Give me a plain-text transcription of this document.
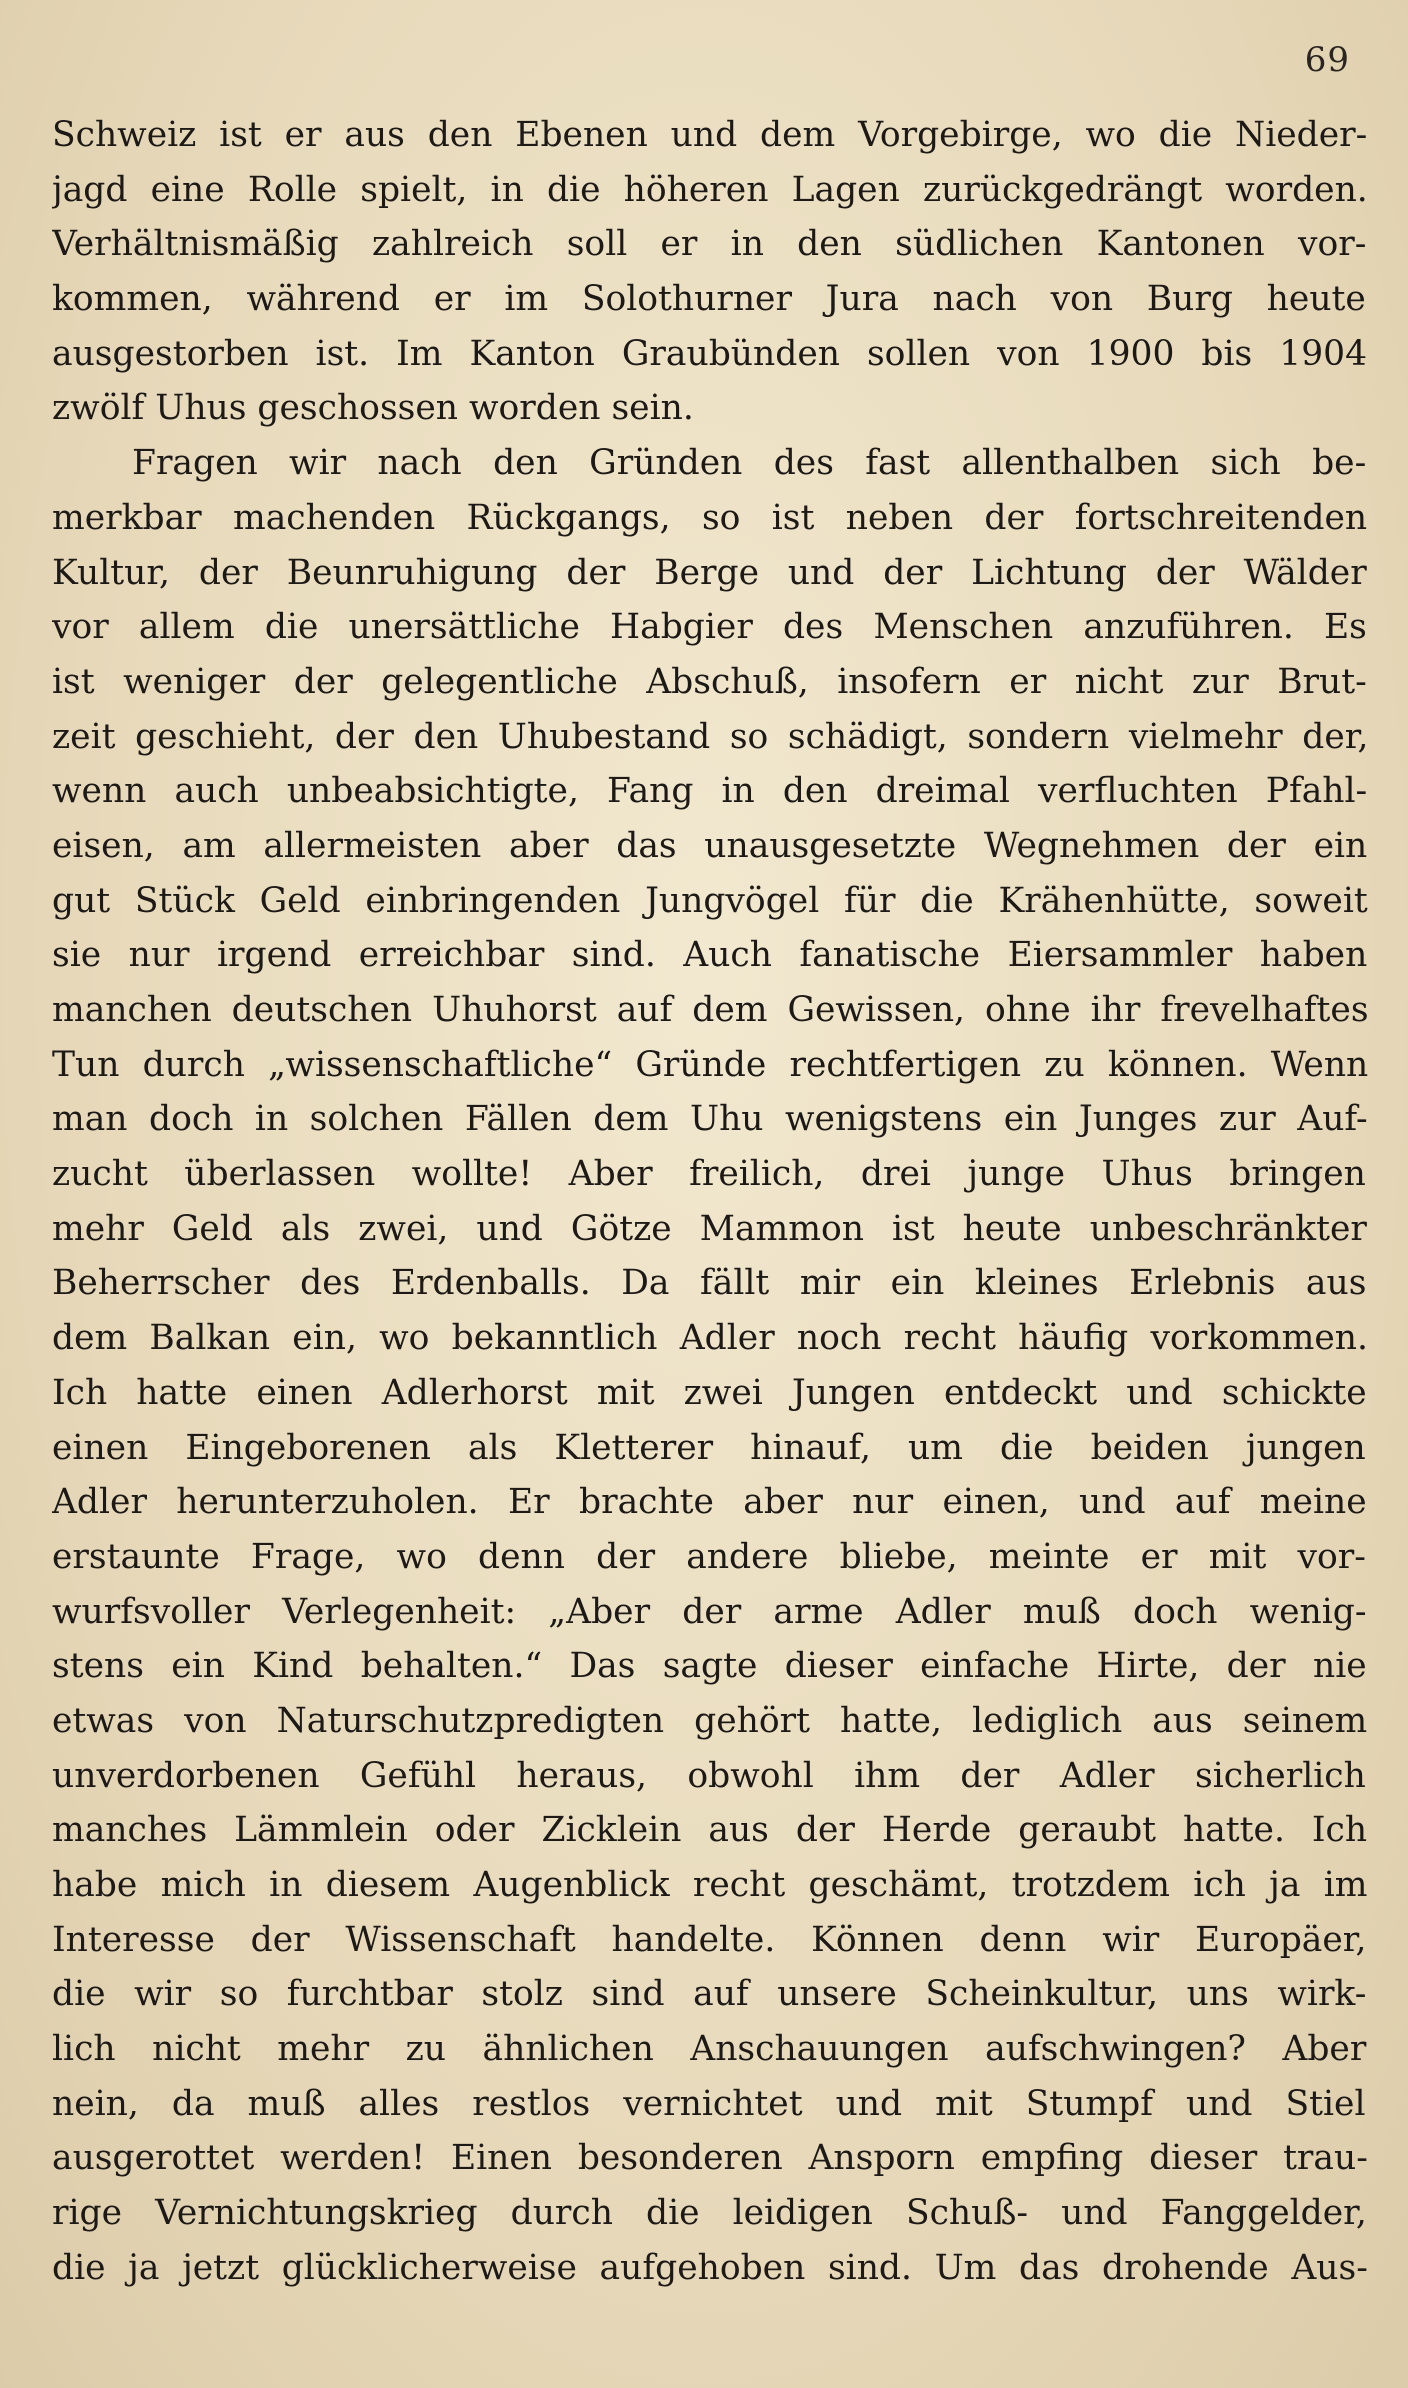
69
Schweiz ist er aus den Ebenen und dem Vorgebirge, wo die Nieder-
jagd eine Rolle spielt, in die höheren Lagen zurückgedrängt worden.
Verhältnismäßig zahlreich soll er in den südlichen Kantonen vor-
kommen, während er im Solothurner Jura nach von Burg heute
ausgestorben ist. Im Kanton Graubünden sollen von 1900 bis 1904
zwölf Uhus geschossen worden sein.
Fragen wir nach den Gründen des fast allenthalben sich be-
merkbar machenden Rückgangs, so ist neben der fortschreitenden
Kultur, der Beunruhigung der Berge und der Lichtung der Wälder
vor allem die unersättliche Habgier des Menschen anzuführen. Es
ist weniger der gelegentliche Abschuß, insofern er nicht zur Brut-
zeit geschieht, der den Uhubestand so schädigt, sondern vielmehr der,
wenn auch unbeabsichtigte, Fang in den dreimal verfluchten Pfahl-
eisen, am allermeisten aber das unausgesetzte Wegnehmen der ein
gut Stück Geld einbringenden Jungvögel für die Krähenhütte, soweit
sie nur irgend erreichbar sind. Auch fanatische Eiersammler haben
manchen deutschen Uhuhorst auf dem Gewissen, ohne ihr frevelhaftes
Tun durch „wissenschaftliche“ Gründe rechtfertigen zu können. Wenn
man doch in solchen Fällen dem Uhu wenigstens ein Junges zur Auf-
zucht überlassen wollte! Aber freilich, drei junge Uhus bringen
mehr Geld als zwei, und Götze Mammon ist heute unbeschränkter
Beherrscher des Erdenballs. Da fällt mir ein kleines Erlebnis aus
dem Balkan ein, wo bekanntlich Adler noch recht häufig vorkommen.
Ich hatte einen Adlerhorst mit zwei Jungen entdeckt und schickte
einen Eingeborenen als Kletterer hinauf, um die beiden jungen
Adler herunterzuholen. Er brachte aber nur einen, und auf meine
erstaunte Frage, wo denn der andere bliebe, meinte er mit vor-
wurfsvoller Verlegenheit: „Aber der arme Adler muß doch wenig-
stens ein Kind behalten.“ Das sagte dieser einfache Hirte, der nie
etwas von Naturschutzpredigten gehört hatte, lediglich aus seinem
unverdorbenen Gefühl heraus, obwohl ihm der Adler sicherlich
manches Lämmlein oder Zicklein aus der Herde geraubt hatte. Ich
habe mich in diesem Augenblick recht geschämt, trotzdem ich ja im
Interesse der Wissenschaft handelte. Können denn wir Europäer,
die wir so furchtbar stolz sind auf unsere Scheinkultur, uns wirk-
lich nicht mehr zu ähnlichen Anschauungen aufschwingen? Aber
nein, da muß alles restlos vernichtet und mit Stumpf und Stiel
ausgerottet werden! Einen besonderen Ansporn empfing dieser trau-
rige Vernichtungskrieg durch die leidigen Schuß- und Fanggelder,
die ja jetzt glücklicherweise aufgehoben sind. Um das drohende Aus-
